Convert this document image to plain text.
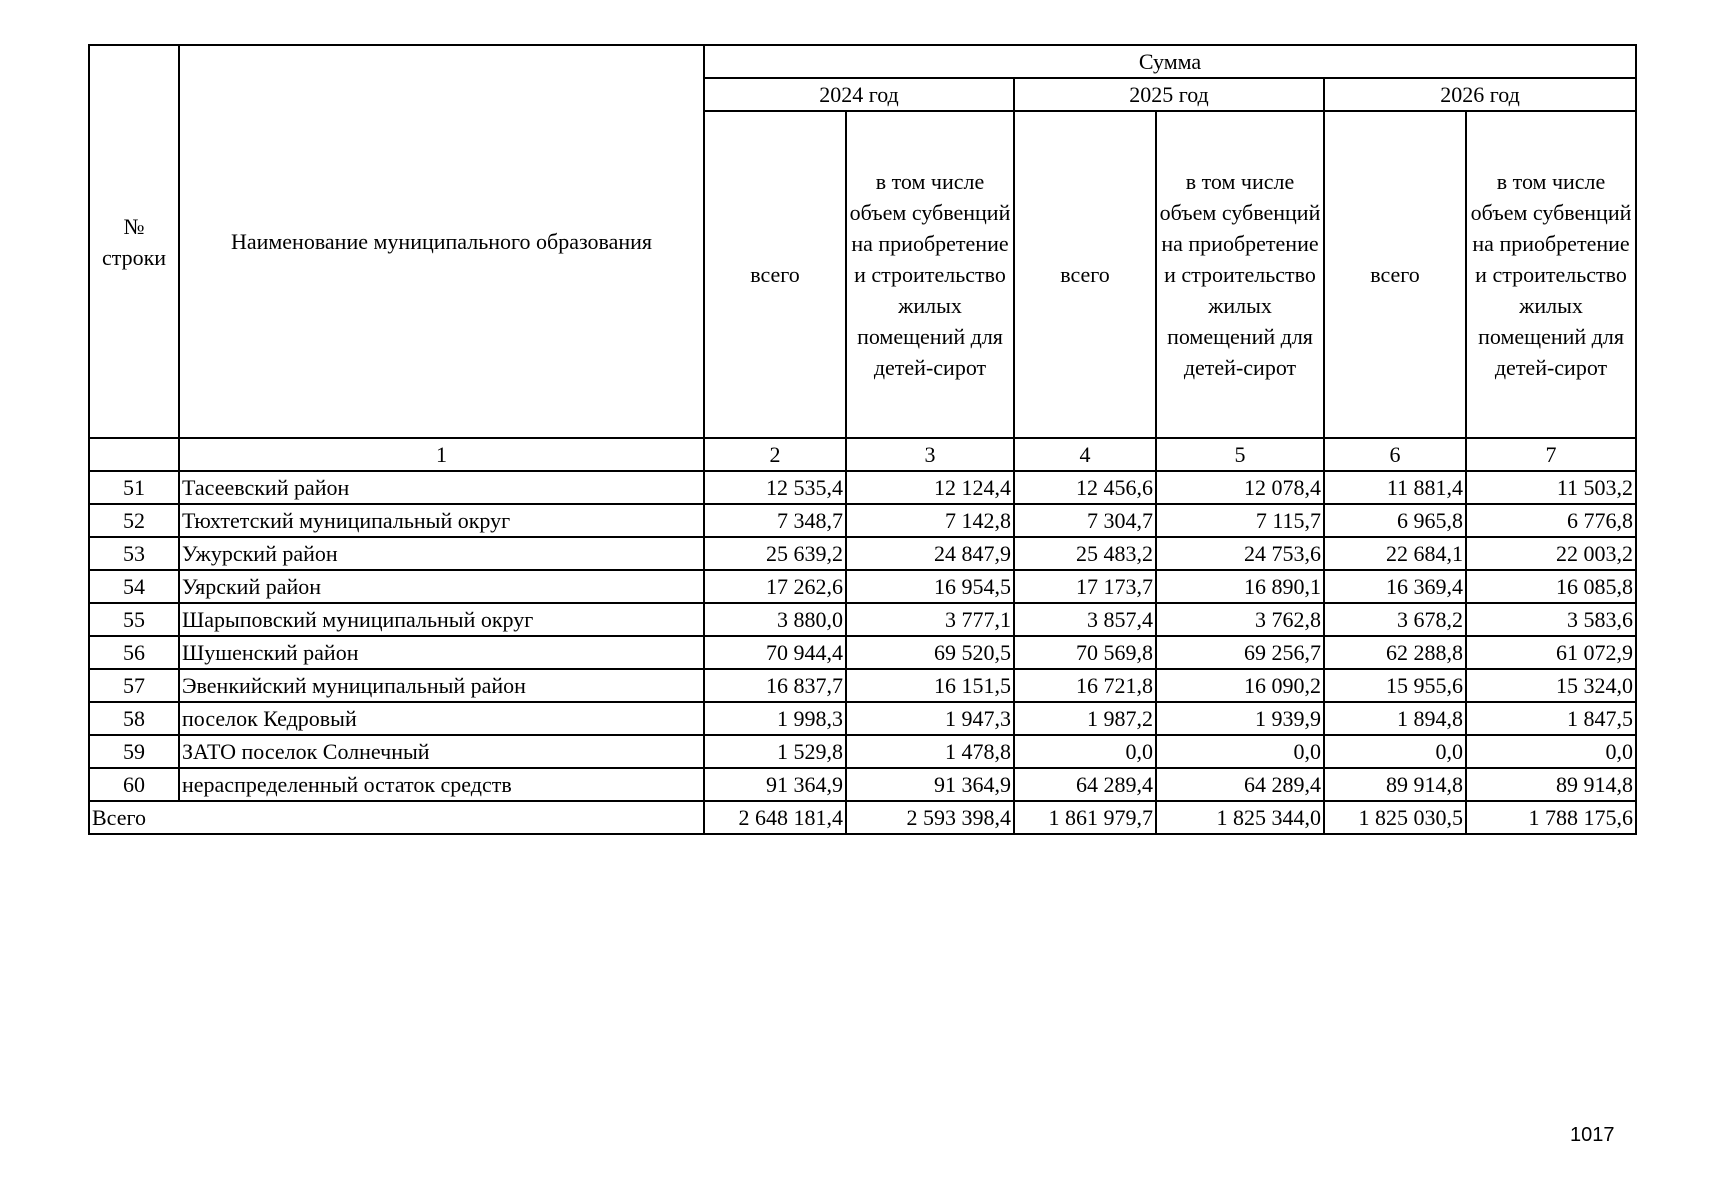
№ строки	Наименование муниципального образования	Сумма					
		2024 год		2025 год		2026 год	
		всего	в том числе объем субвенций на приобретение и строительство жилых помещений для детей-сирот	всего	в том числе объем субвенций на приобретение и строительство жилых помещений для детей-сирот	всего	в том числе объем субвенций на приобретение и строительство жилых помещений для детей-сирот
	1	2	3	4	5	6	7
51	Тасеевский район	12 535,4	12 124,4	12 456,6	12 078,4	11 881,4	11 503,2
52	Тюхтетский муниципальный округ	7 348,7	7 142,8	7 304,7	7 115,7	6 965,8	6 776,8
53	Ужурский район	25 639,2	24 847,9	25 483,2	24 753,6	22 684,1	22 003,2
54	Уярский район	17 262,6	16 954,5	17 173,7	16 890,1	16 369,4	16 085,8
55	Шарыповский муниципальный округ	3 880,0	3 777,1	3 857,4	3 762,8	3 678,2	3 583,6
56	Шушенский район	70 944,4	69 520,5	70 569,8	69 256,7	62 288,8	61 072,9
57	Эвенкийский муниципальный район	16 837,7	16 151,5	16 721,8	16 090,2	15 955,6	15 324,0
58	поселок Кедровый	1 998,3	1 947,3	1 987,2	1 939,9	1 894,8	1 847,5
59	ЗАТО поселок Солнечный	1 529,8	1 478,8	0,0	0,0	0,0	0,0
60	нераспределенный остаток средств	91 364,9	91 364,9	64 289,4	64 289,4	89 914,8	89 914,8
Всего		2 648 181,4	2 593 398,4	1 861 979,7	1 825 344,0	1 825 030,5	1 788 175,6
1017
